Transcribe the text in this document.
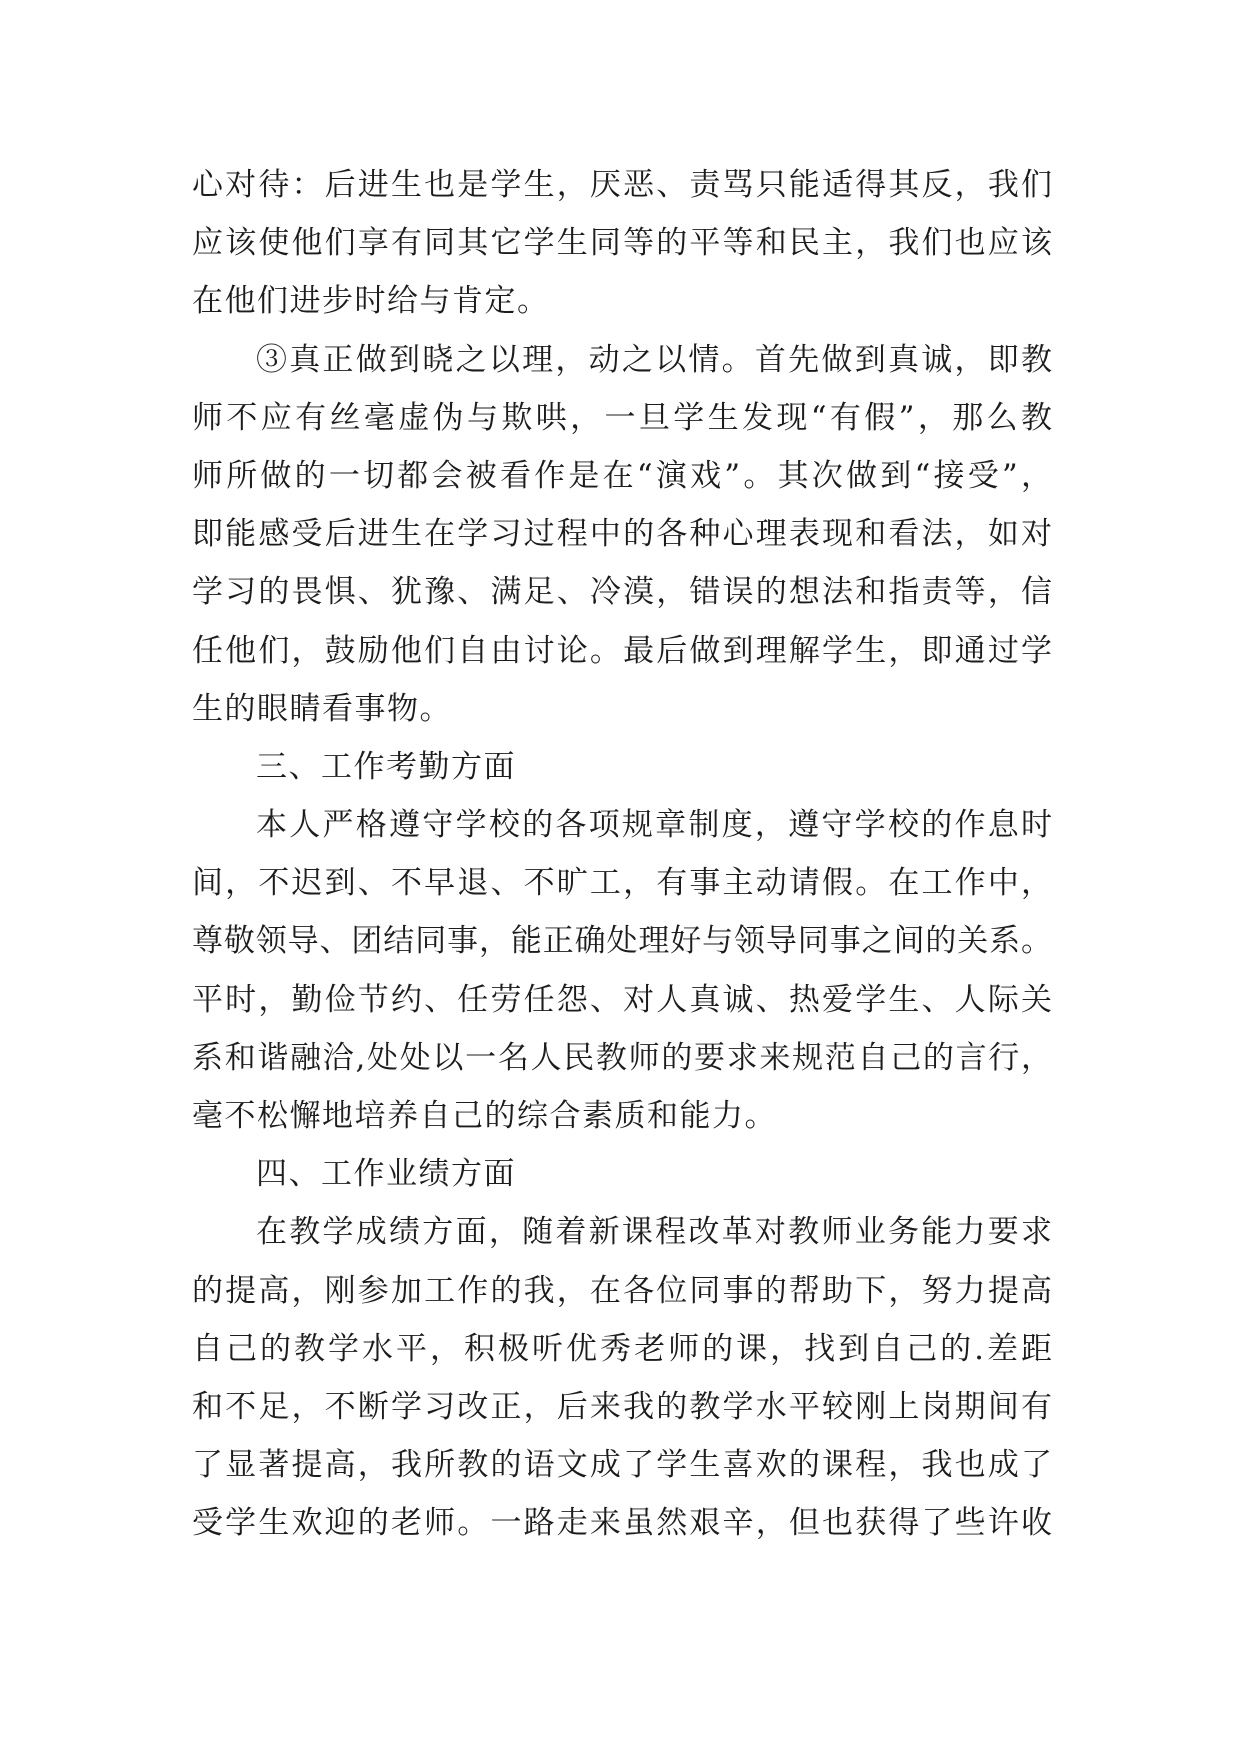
心对待：后进生也是学生，厌恶、责骂只能适得其反，我们
应该使他们享有同其它学生同等的平等和民主，我们也应该
在他们进步时给与肯定。
③真正做到晓之以理，动之以情。首先做到真诚，即教
师不应有丝毫虚伪与欺哄，一旦学生发现“有假”，那么教
师所做的一切都会被看作是在“演戏”。其次做到“接受”，
即能感受后进生在学习过程中的各种心理表现和看法，如对
学习的畏惧、犹豫、满足、冷漠，错误的想法和指责等，信
任他们，鼓励他们自由讨论。最后做到理解学生，即通过学
生的眼睛看事物。
三、工作考勤方面
本人严格遵守学校的各项规章制度，遵守学校的作息时
间，不迟到、不早退、不旷工，有事主动请假。在工作中，
尊敬领导、团结同事，能正确处理好与领导同事之间的关系。
平时，勤俭节约、任劳任怨、对人真诚、热爱学生、人际关
系和谐融洽,处处以一名人民教师的要求来规范自己的言行，
毫不松懈地培养自己的综合素质和能力。
四、工作业绩方面
在教学成绩方面，随着新课程改革对教师业务能力要求
的提高，刚参加工作的我，在各位同事的帮助下，努力提高
自己的教学水平，积极听优秀老师的课，找到自己的.差距
和不足，不断学习改正，后来我的教学水平较刚上岗期间有
了显著提高，我所教的语文成了学生喜欢的课程，我也成了
受学生欢迎的老师。一路走来虽然艰辛，但也获得了些许收
